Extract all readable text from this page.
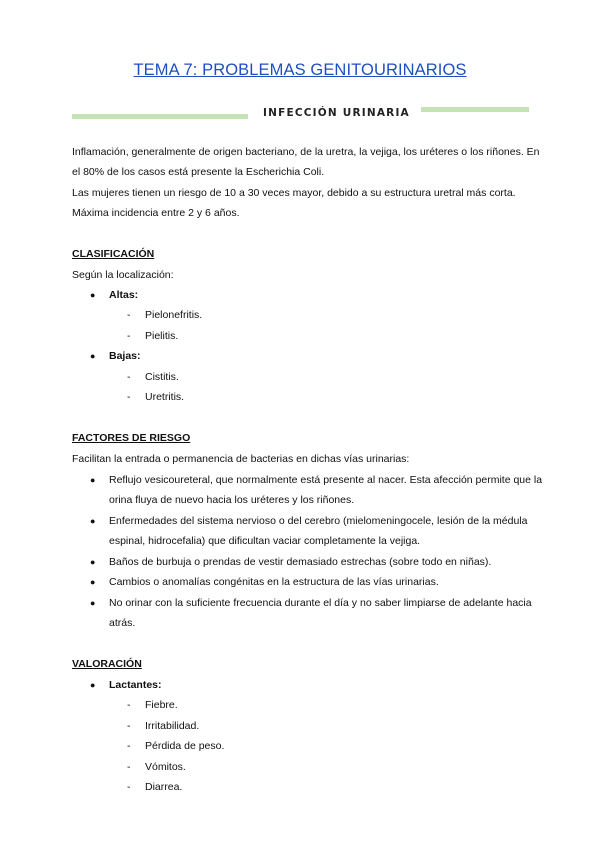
TEMA 7: PROBLEMAS GENITOURINARIOS
INFECCIÓN URINARIA
Inflamación, generalmente de origen bacteriano, de la uretra, la vejiga, los uréteres o los riñones. En
el 80% de los casos está presente la Escherichia Coli.
Las mujeres tienen un riesgo de 10 a 30 veces mayor, debido a su estructura uretral más corta.
Máxima incidencia entre 2 y 6 años.
CLASIFICACIÓN
Según la localización:
● Altas:
- Pielonefritis.
- Pielitis.
● Bajas:
- Cistitis.
- Uretritis.
FACTORES DE RIESGO
Facilitan la entrada o permanencia de bacterias en dichas vías urinarias:
● Reflujo vesicoureteral, que normalmente está presente al nacer. Esta afección permite que la
orina fluya de nuevo hacia los uréteres y los riñones.
● Enfermedades del sistema nervioso o del cerebro (mielomeningocele, lesión de la médula
espinal, hidrocefalia) que dificultan vaciar completamente la vejiga.
● Baños de burbuja o prendas de vestir demasiado estrechas (sobre todo en niñas).
● Cambios o anomalías congénitas en la estructura de las vías urinarias.
● No orinar con la suficiente frecuencia durante el día y no saber limpiarse de adelante hacia
atrás.
VALORACIÓN
● Lactantes:
- Fiebre.
- Irritabilidad.
- Pérdida de peso.
- Vómitos.
- Diarrea.
